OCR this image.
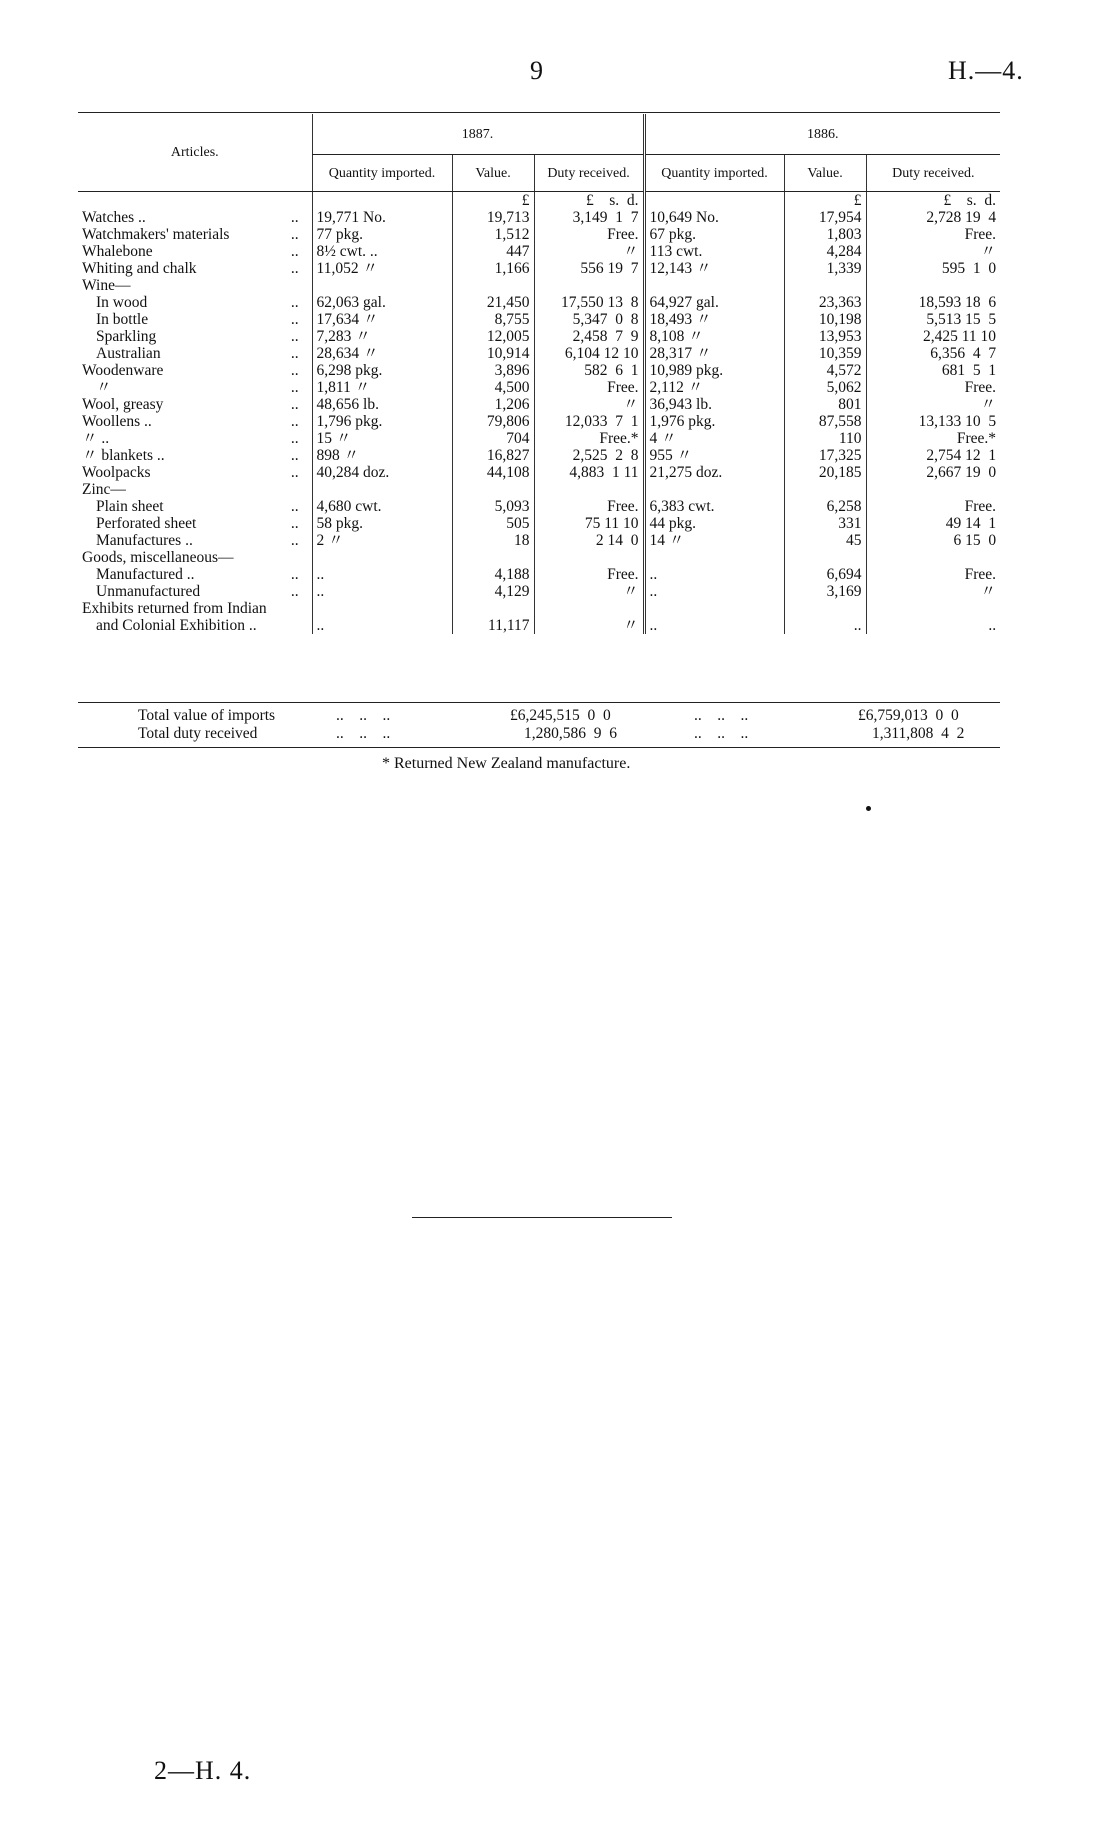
9	H.—4.
Articles.		1887.			1886.		
		Quantity imported.	Value.	Duty received.	Quantity imported.	Value.	Duty received.
			£	£    s.  d.		£	£    s.  d.
Watches ..	..	19,771 No.	19,713	3,149  1  7	10,649 No.	17,954	2,728 19  4
Watchmakers' materials	..	77 pkg.	1,512	Free.	67 pkg.	1,803	Free.
Whalebone	..	8½ cwt. ..	447	〃	113 cwt.	4,284	〃
Whiting and chalk	..	11,052 〃	1,166	556 19  7	12,143 〃	1,339	595  1  0
Wine—							
In wood	..	62,063 gal.	21,450	17,550 13  8	64,927 gal.	23,363	18,593 18  6
In bottle	..	17,634 〃	8,755	5,347  0  8	18,493 〃	10,198	5,513 15  5
Sparkling	..	7,283 〃	12,005	2,458  7  9	8,108 〃	13,953	2,425 11 10
Australian	..	28,634 〃	10,914	6,104 12 10	28,317 〃	10,359	6,356  4  7
Woodenware	..	6,298 pkg.	3,896	582  6  1	10,989 pkg.	4,572	681  5  1
〃	..	1,811 〃	4,500	Free.	2,112 〃	5,062	Free.
Wool, greasy	..	48,656 lb.	1,206	〃	36,943 lb.	801	〃
Woollens ..	..	1,796 pkg.	79,806	12,033  7  1	1,976 pkg.	87,558	13,133 10  5
〃 ..	..	15 〃	704	Free.*	4 〃	110	Free.*
〃 blankets ..	..	898 〃	16,827	2,525  2  8	955 〃	17,325	2,754 12  1
Woolpacks	..	40,284 doz.	44,108	4,883  1 11	21,275 doz.	20,185	2,667 19  0
Zinc—							
Plain sheet	..	4,680 cwt.	5,093	Free.	6,383 cwt.	6,258	Free.
Perforated sheet	..	58 pkg.	505	75 11 10	44 pkg.	331	49 14  1
Manufactures ..	..	2 〃	18	2 14  0	14 〃	45	6 15  0
Goods, miscellaneous—							
Manufactured ..	..	..	4,188	Free.	..	6,694	Free.
Unmanufactured	..	..	4,129	〃	..	3,169	〃
Exhibits returned from Indian							
and Colonial Exhibition ..		..	11,117	〃	..	..	..
Total value of imports	..    ..    ..	£6,245,515  0  0	..    ..    ..	£6,759,013  0  0
Total duty received	..    ..    ..	1,280,586  9  6	..    ..    ..	1,311,808  4  2
* Returned New Zealand manufacture.
2—H. 4.
